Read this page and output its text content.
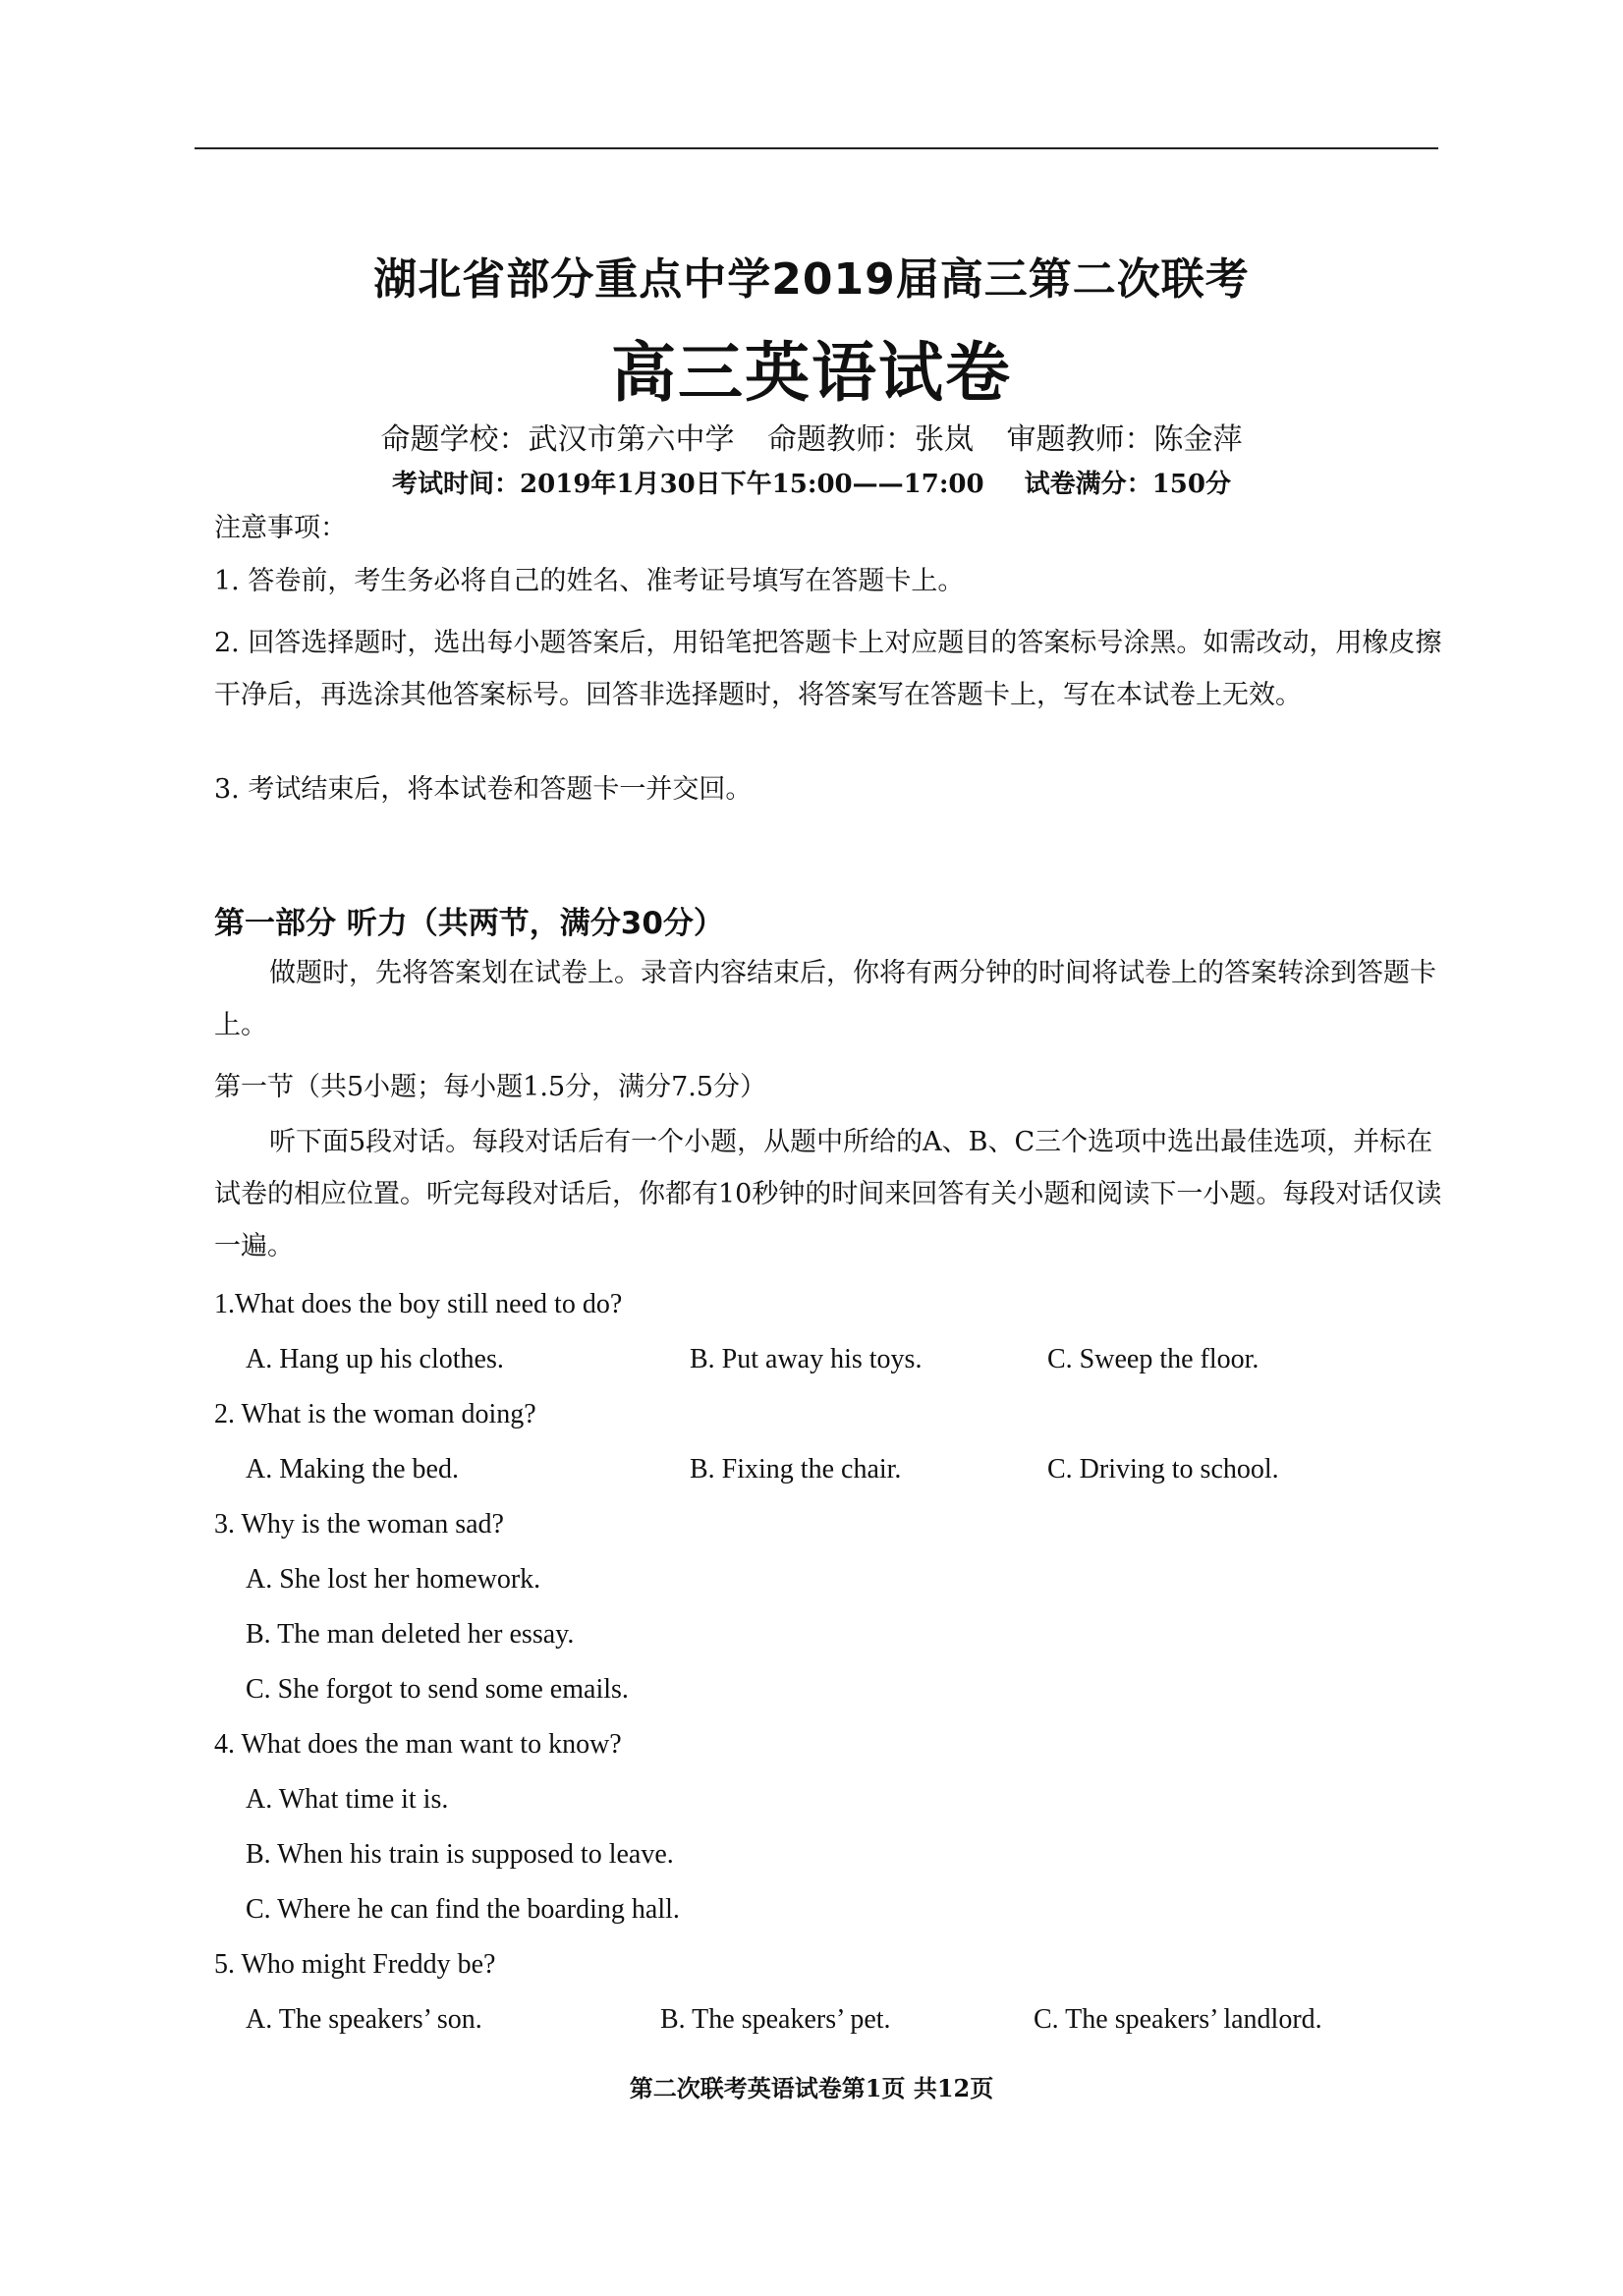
湖北省部分重点中学2019届高三第二次联考
高三英语试卷
命题学校：武汉市第六中学 命题教师：张岚 审题教师：陈金萍
考试时间：2019年1月30日下午15:00——17:00 试卷满分：150分
注意事项：
1. 答卷前，考生务必将自己的姓名、准考证号填写在答题卡上。
2. 回答选择题时，选出每小题答案后，用铅笔把答题卡上对应题目的答案标号涂黑。如需改动，用橡皮擦干净后，再选涂其他答案标号。回答非选择题时，将答案写在答题卡上，写在本试卷上无效。
3. 考试结束后，将本试卷和答题卡一并交回。
第一部分 听力（共两节，满分30分）
做题时，先将答案划在试卷上。录音内容结束后，你将有两分钟的时间将试卷上的答案转涂到答题卡上。
第一节（共5小题；每小题1.5分，满分7.5分）
听下面5段对话。每段对话后有一个小题，从题中所给的A、B、C三个选项中选出最佳选项，并标在试卷的相应位置。听完每段对话后，你都有10秒钟的时间来回答有关小题和阅读下一小题。每段对话仅读一遍。
1.What does the boy still need to do?
A. Hang up his clothes.	B. Put away his toys.	C. Sweep the floor.
2. What is the woman doing?
A. Making the bed.	B. Fixing the chair.	C. Driving to school.
3. Why is the woman sad?
A. She lost her homework.
B. The man deleted her essay.
C. She forgot to send some emails.
4. What does the man want to know?
A. What time it is.
B. When his train is supposed to leave.
C. Where he can find the boarding hall.
5. Who might Freddy be?
A. The speakers’ son.	B. The speakers’ pet.	C. The speakers’ landlord.
第二次联考英语试卷第1页 共12页
